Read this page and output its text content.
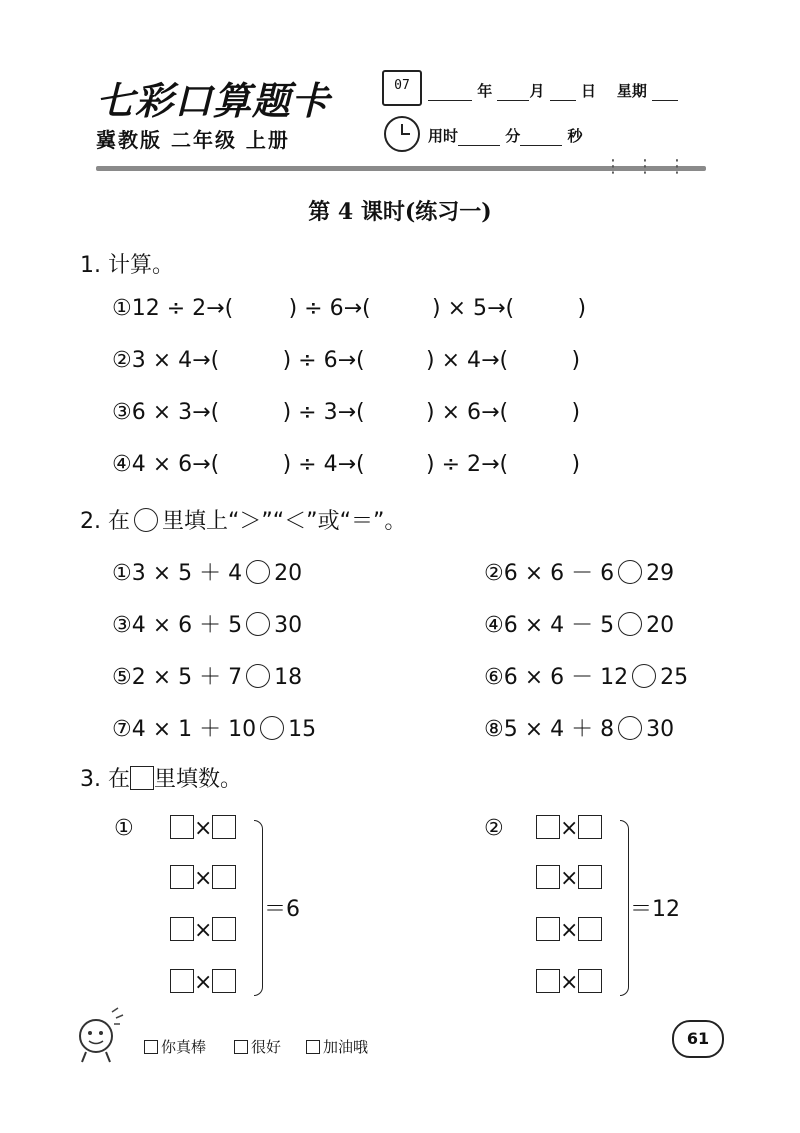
七彩口算题卡
冀教版 二年级 上册
07	年 月 日 星期
用时	分	秒
⋮⋮⋮
第 4 课时(练习一)
1. 计算。
①12 ÷ 2→(	) ÷ 6→(	) × 5→(	)
②3 × 4→(	) ÷ 6→(	) × 4→(	)
③6 × 3→(	) ÷ 3→(	) × 6→(	)
④4 × 6→(	) ÷ 4→(	) ÷ 2→(	)
2. 在 里填上“＞”“＜”或“＝”。
①3 × 5 ＋ 4 20	②6 × 6 － 6 29
③4 × 6 ＋ 5 30	④6 × 4 － 5 20
⑤2 × 5 ＋ 7 18	⑥6 × 6 － 12 25
⑦4 × 1 ＋ 10 15	⑧5 × 4 ＋ 8 30
3. 在 里填数。
①	×
×
×
×
＝6
②	×
×
×
×
＝12
你真棒	很好	加油哦	61
